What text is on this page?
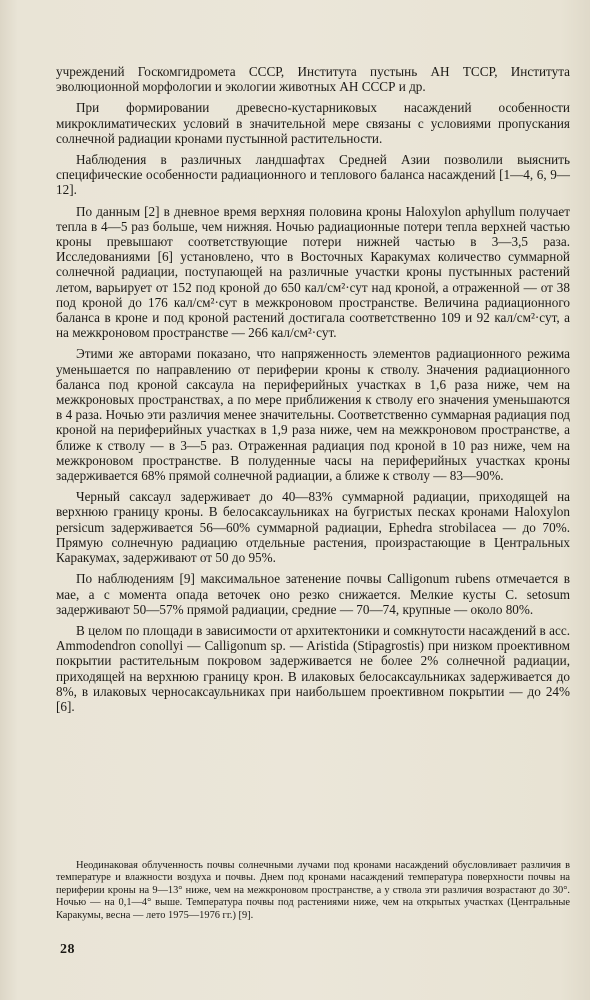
учреждений Госкомгидромета СССР, Института пустынь АН ТССР, Института эволюционной морфологии и экологии животных АН СССР и др.

При формировании древесно-кустарниковых насаждений особенности микроклиматических условий в значительной мере связаны с условиями пропускания солнечной радиации кронами пустынной растительности.

Наблюдения в различных ландшафтах Средней Азии позволили выяснить специфические особенности радиационного и теплового баланса насаждений [1—4, 6, 9—12].

По данным [2] в дневное время верхняя половина кроны Haloxylon aphyllum получает тепла в 4—5 раз больше, чем нижняя. Ночью радиационные потери тепла верхней частью кроны превышают соответствующие потери нижней частью в 3—3,5 раза. Исследованиями [6] установлено, что в Восточных Каракумах количество суммарной солнечной радиации, поступающей на различные участки кроны пустынных растений летом, варьирует от 152 под кроной до 650 кал/см²·сут над кроной, а отраженной — от 38 под кроной до 176 кал/см²·сут в межкроновом пространстве. Величина радиационного баланса в кроне и под кроной растений достигала соответственно 109 и 92 кал/см²·сут, а на межкроновом пространстве — 266 кал/см²·сут.

Этими же авторами показано, что напряженность элементов радиационного режима уменьшается по направлению от периферии кроны к стволу. Значения радиационного баланса под кроной саксаула на периферийных участках в 1,6 раза ниже, чем на межкроновых пространствах, а по мере приближения к стволу его значения уменьшаются в 4 раза. Ночью эти различия менее значительны. Соответственно суммарная радиация под кроной на периферийных участках в 1,9 раза ниже, чем на межкроновом пространстве, а ближе к стволу — в 3—5 раз. Отраженная радиация под кроной в 10 раз ниже, чем на межкроновом пространстве. В полуденные часы на периферийных участках кроны задерживается 68% прямой солнечной радиации, а ближе к стволу — 83—90%.

Черный саксаул задерживает до 40—83% суммарной радиации, приходящей на верхнюю границу кроны. В белосаксаульниках на бугристых песках кронами Haloxylon persicum задерживается 56—60% суммарной радиации, Ephedra strobilacea — до 70%. Прямую солнечную радиацию отдельные растения, произрастающие в Центральных Каракумах, задерживают от 50 до 95%.

По наблюдениям [9] максимальное затенение почвы Calligonum rubens отмечается в мае, а с момента опада веточек оно резко снижается. Мелкие кусты C. setosum задерживают 50—57% прямой радиации, средние — 70—74, крупные — около 80%.

В целом по площади в зависимости от архитектоники и сомкнутости насаждений в асс. Ammodendron conollyi — Calligonum sp. — Aristida (Stipagrostis) при низком проективном покрытии растительным покровом задерживается не более 2% солнечной радиации, приходящей на верхнюю границу крон. В илаковых белосаксаульниках задерживается до 8%, в илаковых черносаксаульниках при наибольшем проективном покрытии — до 24% [6].

Неодинаковая облученность почвы солнечными лучами под кронами насаждений обусловливает различия в температуре и влажности воздуха и почвы. Днем под кронами насаждений температура поверхности почвы на периферии кроны на 9—13° ниже, чем на межкроновом пространстве, а у ствола эти различия возрастают до 30°. Ночью — на 0,1—4° выше. Температура почвы под растениями ниже, чем на открытых участках (Центральные Каракумы, весна — лето 1975—1976 гг.) [9].

28
